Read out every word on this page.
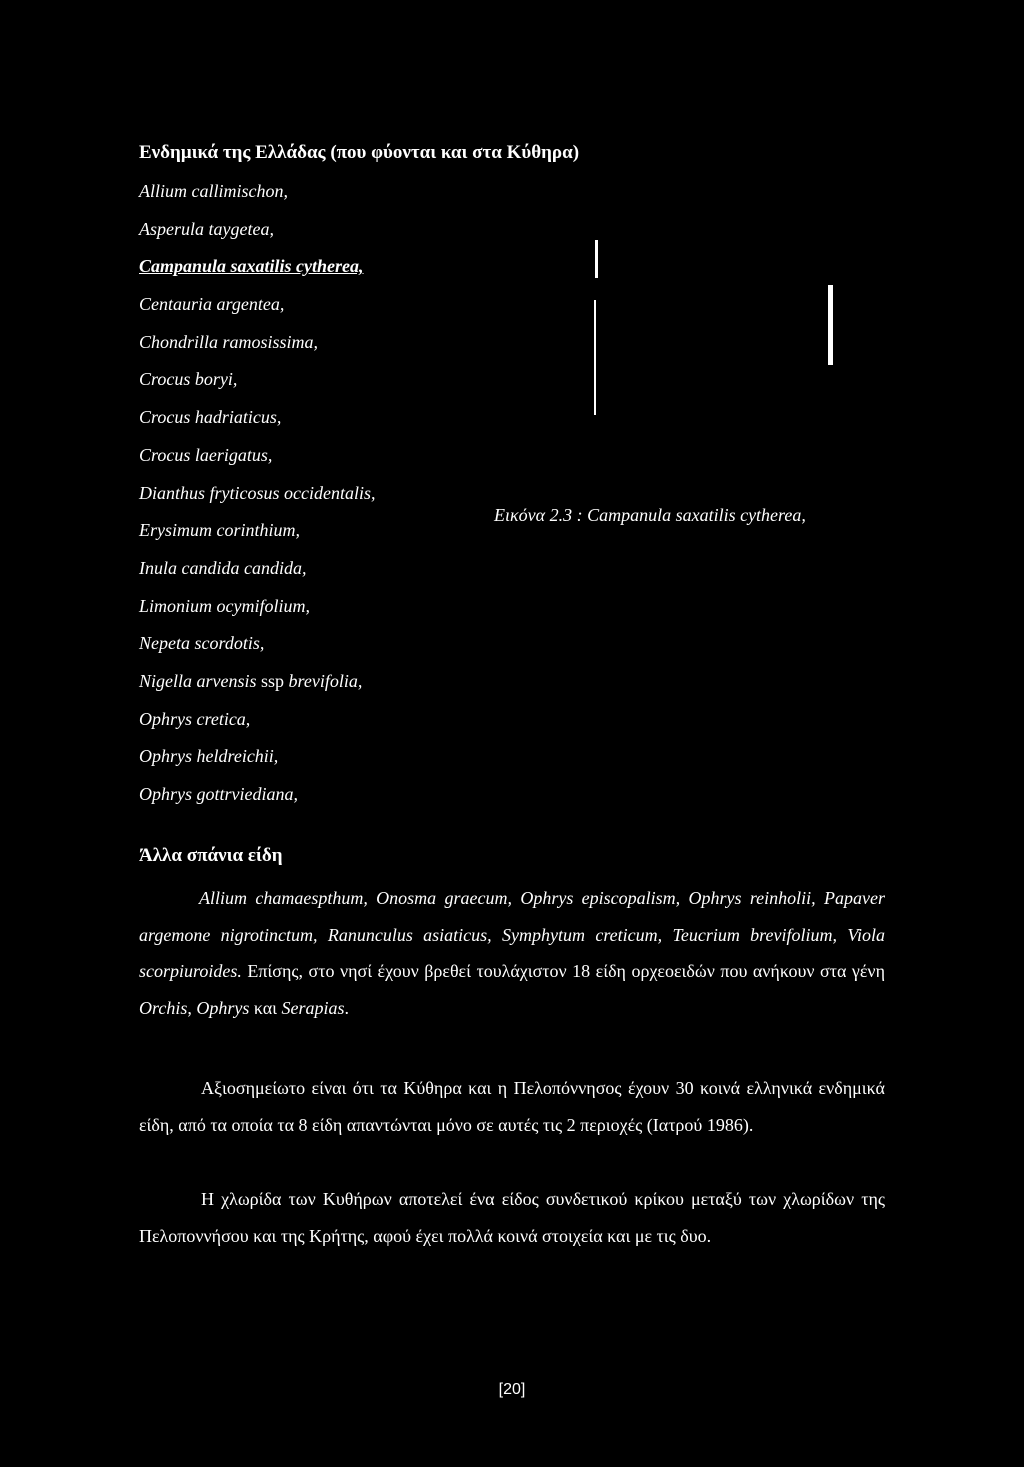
Ενδημικά της Ελλάδας (που φύονται και στα Κύθηρα)
Allium callimischon,
Asperula taygetea,
Campanula saxatilis cytherea,
Centauria argentea,
Chondrilla ramosissima,
Crocus boryi,
Crocus hadriaticus,
Crocus laerigatus,
Dianthus fryticosus occidentalis,
Erysimum corinthium,
Inula candida candida,
Limonium ocymifolium,
Nepeta scordotis,
Nigella arvensis ssp brevifolia,
Ophrys cretica,
Ophrys heldreichii,
Ophrys gottrviediana,
Εικόνα 2.3 : Campanula saxatilis cytherea,
Άλλα σπάνια είδη

Allium chamaespthum, Onosma graecum, Ophrys episcopalism, Ophrys reinholii, Papaver argemone nigrotinctum, Ranunculus asiaticus, Symphytum creticum, Teucrium brevifolium, Viola scorpiuroides. Επίσης, στο νησί έχουν βρεθεί τουλάχιστον 18 είδη ορχεοειδών που ανήκουν στα γένη Orchis, Ophrys και Serapias.

Αξιοσημείωτο είναι ότι τα Κύθηρα και η Πελοπόννησος έχουν 30 κοινά ελληνικά ενδημικά είδη, από τα οποία τα 8 είδη απαντώνται μόνο σε αυτές τις 2 περιοχές (Ιατρού 1986).

Η χλωρίδα των Κυθήρων αποτελεί ένα είδος συνδετικού κρίκου μεταξύ των χλωρίδων της Πελοποννήσου και της Κρήτης, αφού έχει πολλά κοινά στοιχεία και με τις δυο.

[20]
